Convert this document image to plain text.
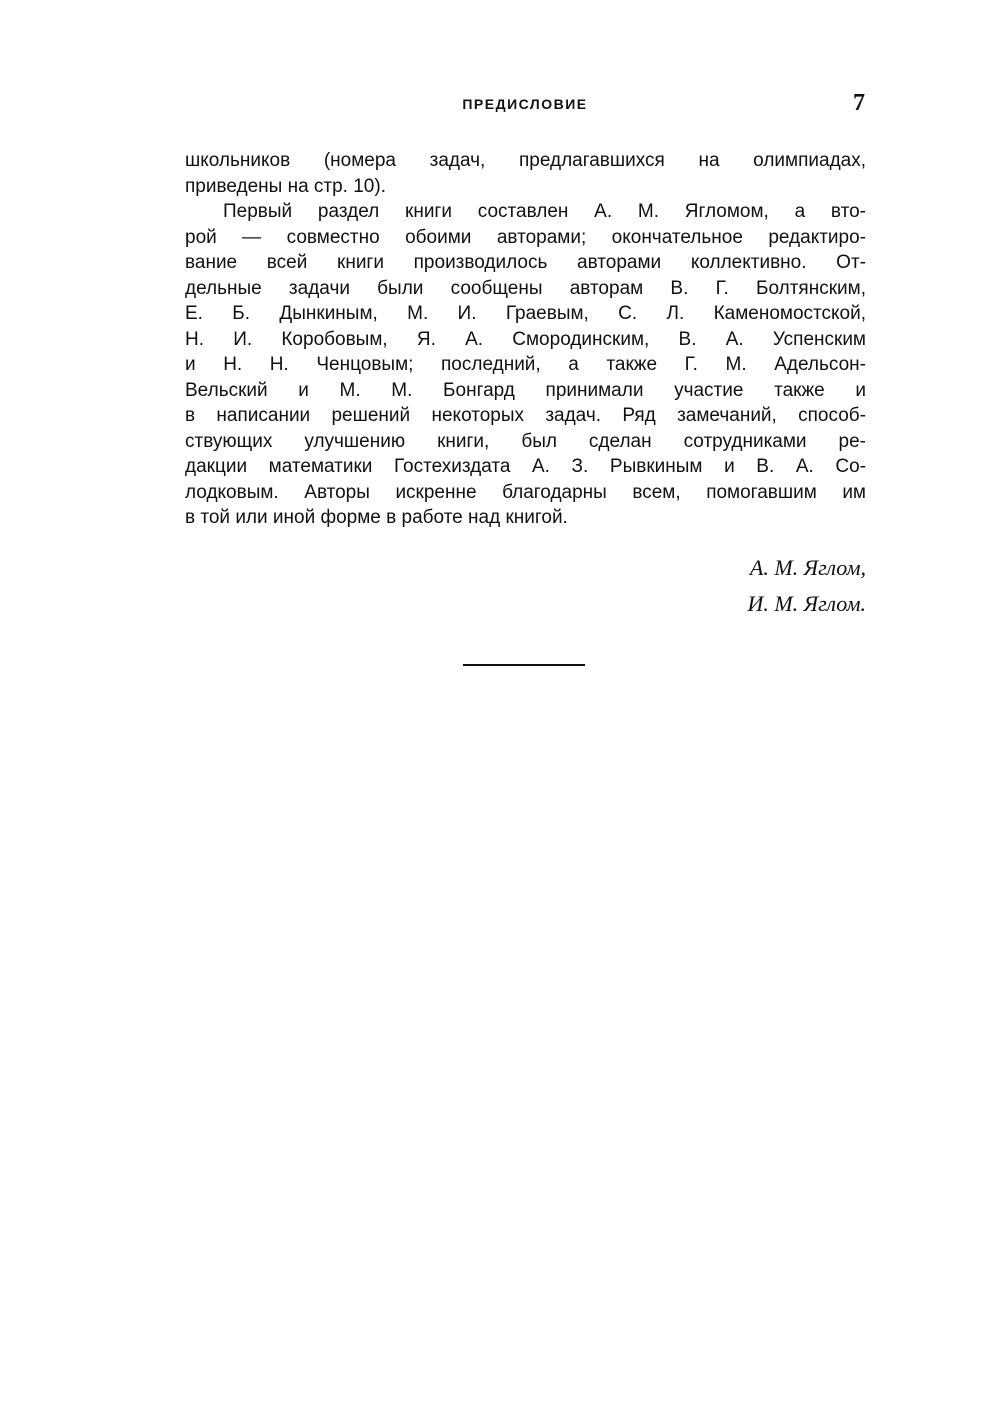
ПРЕДИСЛОВИЕ	7
школьников (номера задач, предлагавшихся на олимпиадах,
приведены на стр. 10).
Первый раздел книги составлен А. М. Ягломом, а вто-
рой — совместно обоими авторами; окончательное редактиро-
вание всей книги производилось авторами коллективно. От-
дельные задачи были сообщены авторам В. Г. Болтянским,
Е. Б. Дынкиным, М. И. Граевым, С. Л. Каменомостской,
Н. И. Коробовым, Я. А. Смородинским, В. А. Успенским
и Н. Н. Ченцовым; последний, а также Г. М. Адельсон-
Вельский и М. М. Бонгард принимали участие также и
в написании решений некоторых задач. Ряд замечаний, способ-
ствующих улучшению книги, был сделан сотрудниками ре-
дакции математики Гостехиздата А. З. Рывкиным и В. А. Со-
лодковым. Авторы искренне благодарны всем, помогавшим им
в той или иной форме в работе над книгой.
А. М. Яглом,
И. М. Яглом.
